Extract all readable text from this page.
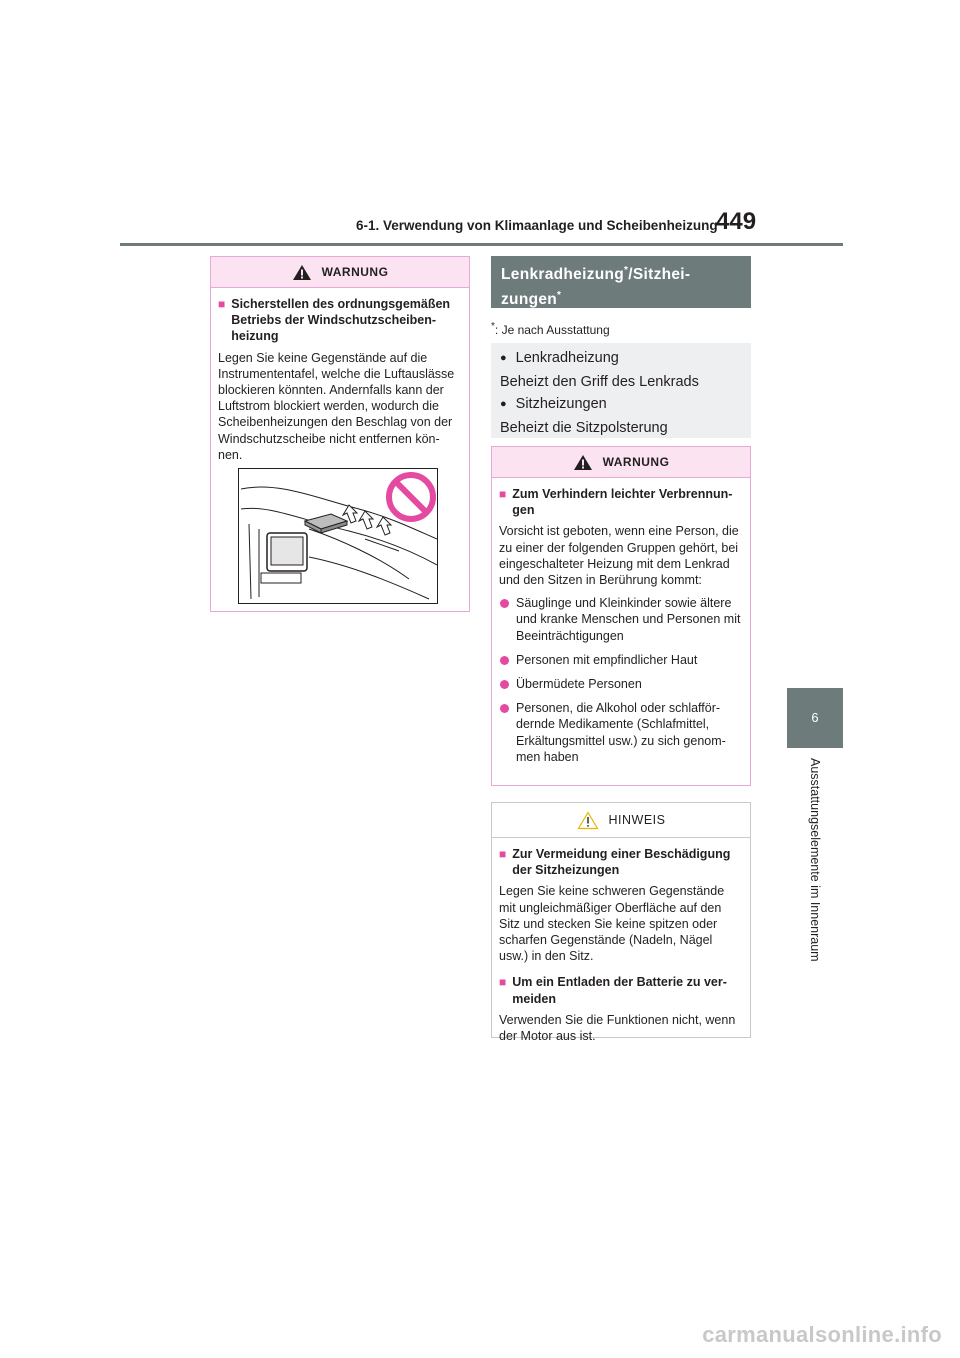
6-1. Verwendung von Klimaanlage und Scheibenheizung
449
6
Ausstattungselemente im Innenraum
WARNUNG
■ Sicherstellen des ordnungsgemäßen Betriebs der Windschutzscheiben-heizung

Legen Sie keine Gegenstände auf die Instrumententafel, welche die Luftauslässe blockieren könnten. Andernfalls kann der Luftstrom blockiert werden, wodurch die Scheibenheizungen den Beschlag von der Windschutzscheibe nicht entfernen kön-nen.

Lenkradheizung*/Sitzhei-
zungen*
*: Je nach Ausstattung
● Lenkradheizung
Beheizt den Griff des Lenkrads
● Sitzheizungen
Beheizt die Sitzpolsterung
WARNUNG
■ Zum Verhindern leichter Verbrennun-gen

Vorsicht ist geboten, wenn eine Person, die zu einer der folgenden Gruppen gehört, bei eingeschalteter Heizung mit dem Lenkrad und den Sitzen in Berührung kommt:

Säuglinge und Kleinkinder sowie ältere und kranke Menschen und Personen mit Beeinträchtigungen
Personen mit empfindlicher Haut
Übermüdete Personen
Personen, die Alkohol oder schlafför-dernde Medikamente (Schlafmittel, Erkältungsmittel usw.) zu sich genom-men haben
HINWEIS
■ Zur Vermeidung einer Beschädigung der Sitzheizungen

Legen Sie keine schweren Gegenstände mit ungleichmäßiger Oberfläche auf den Sitz und stecken Sie keine spitzen oder scharfen Gegenstände (Nadeln, Nägel usw.) in den Sitz.

■ Um ein Entladen der Batterie zu ver-meiden

Verwenden Sie die Funktionen nicht, wenn der Motor aus ist.

carmanualsonline.info
